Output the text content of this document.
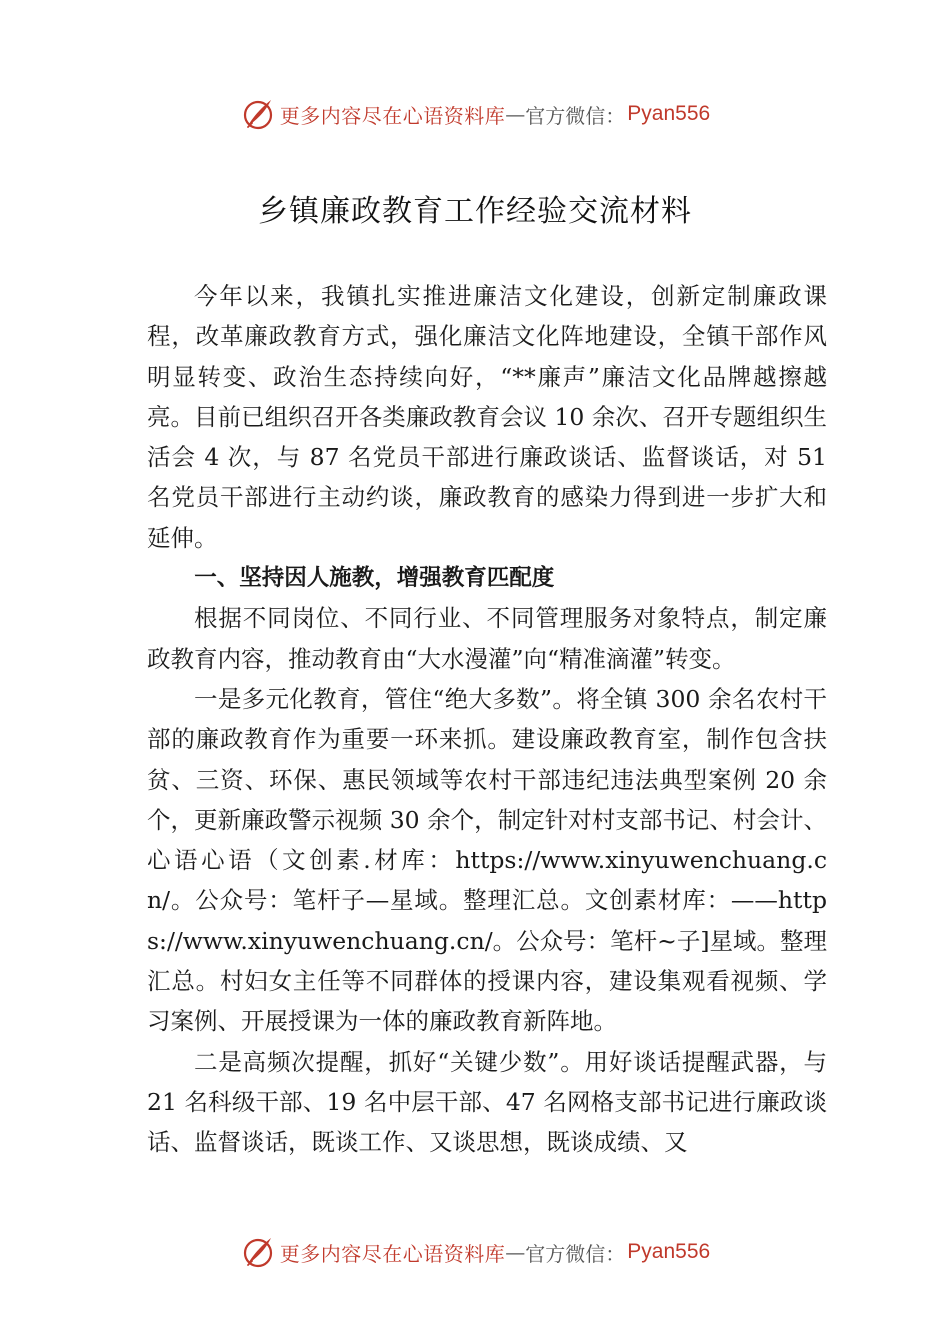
更多内容尽在心语资料库 — 官方微信： Pyan556
乡镇廉政教育工作经验交流材料

今年以来，我镇扎实推进廉洁文化建设，创新定制廉政课程，改革廉政教育方式，强化廉洁文化阵地建设，全镇干部作风明显转变、政治生态持续向好，“**廉声”廉洁文化品牌越擦越亮。目前已组织召开各类廉政教育会议 10 余次、召开专题组织生活会 4 次，与 87 名党员干部进行廉政谈话、监督谈话，对 51 名党员干部进行主动约谈，廉政教育的感染力得到进一步扩大和延伸。

一、坚持因人施教，增强教育匹配度

根据不同岗位、不同行业、不同管理服务对象特点，制定廉政教育内容，推动教育由“大水漫灌”向“精准滴灌”转变。

一是多元化教育，管住“绝大多数”。将全镇 300 余名农村干部的廉政教育作为重要一环来抓。建设廉政教育室，制作包含扶贫、三资、环保、惠民领域等农村干部违纪违法典型案例 20 余个，更新廉政警示视频 30 余个，制定针对村支部书记、村会计、心语心语（文创素.材库：https://www.xinyuwenchuang.cn/。公众号：笔杆子—星域。整理汇总。文创素材库：——https://www.xinyuwenchuang.cn/。公众号：笔杆~子]星域。整理汇总。村妇女主任等不同群体的授课内容，建设集观看视频、学习案例、开展授课为一体的廉政教育新阵地。

二是高频次提醒，抓好“关键少数”。用好谈话提醒武器，与 21 名科级干部、19 名中层干部、47 名网格支部书记进行廉政谈话、监督谈话，既谈工作、又谈思想，既谈成绩、又

更多内容尽在心语资料库 — 官方微信： Pyan556
